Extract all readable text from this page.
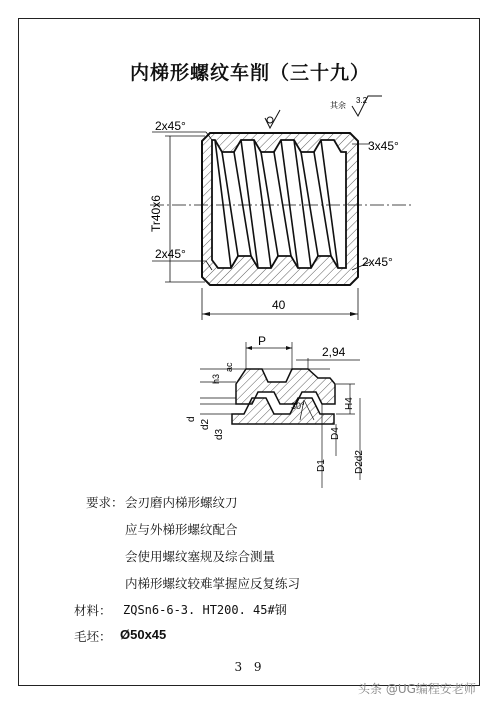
内梯形螺纹车削（三十九）
其余
3.2
2x45°
3x45°
2x45°
2x45°
Tr40x6
40
P
2,94
30°
h3
ac
H4
d d2
d3
D1
D4
D2d2
要求： 会刃磨内梯形螺纹刀
应与外梯形螺纹配合
会使用螺纹塞规及综合测量
内梯形螺纹较难掌握应反复练习
材料： ZQSn6-6-3. HT200. 45#钢
毛坯： Ø50x45
3 9
头条 @UG编程安老师
